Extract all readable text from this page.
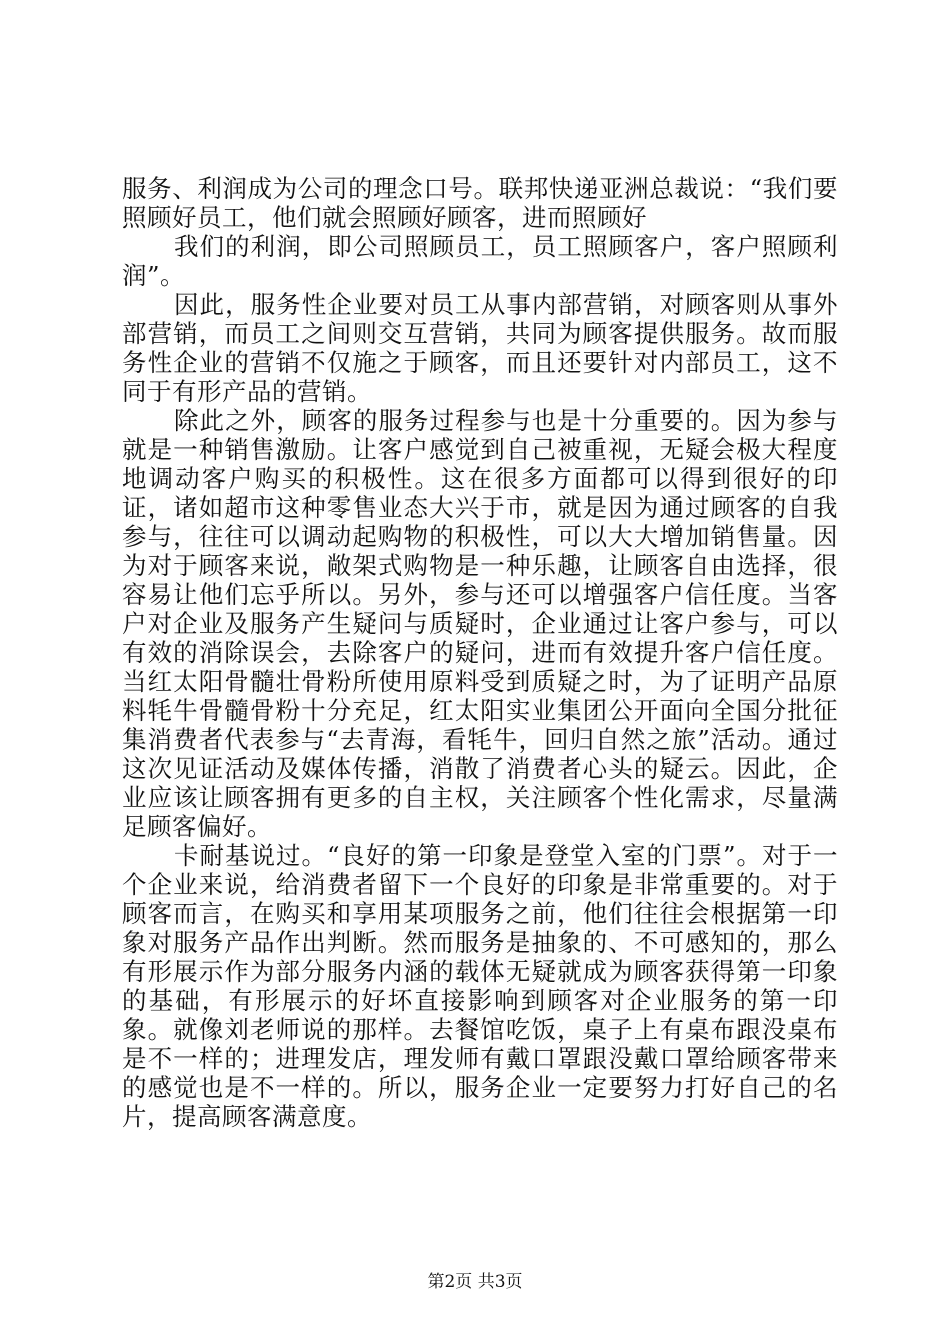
服务、利润成为公司的理念口号。联邦快递亚洲总裁说：“我们要照顾好员工，他们就会照顾好顾客，进而照顾好

我们的利润，即公司照顾员工，员工照顾客户，客户照顾利润”。

因此，服务性企业要对员工从事内部营销，对顾客则从事外部营销，而员工之间则交互营销，共同为顾客提供服务。故而服务性企业的营销不仅施之于顾客，而且还要针对内部员工，这不同于有形产品的营销。

除此之外，顾客的服务过程参与也是十分重要的。因为参与就是一种销售激励。让客户感觉到自己被重视，无疑会极大程度地调动客户购买的积极性。这在很多方面都可以得到很好的印证，诸如超市这种零售业态大兴于市，就是因为通过顾客的自我参与，往往可以调动起购物的积极性，可以大大增加销售量。因为对于顾客来说，敞架式购物是一种乐趣，让顾客自由选择，很容易让他们忘乎所以。另外，参与还可以增强客户信任度。当客户对企业及服务产生疑问与质疑时，企业通过让客户参与，可以有效的消除误会，去除客户的疑问，进而有效提升客户信任度。当红太阳骨髓壮骨粉所使用原料受到质疑之时，为了证明产品原料牦牛骨髓骨粉十分充足，红太阳实业集团公开面向全国分批征集消费者代表参与“去青海，看牦牛，回归自然之旅”活动。通过这次见证活动及媒体传播，消散了消费者心头的疑云。因此，企业应该让顾客拥有更多的自主权，关注顾客个性化需求，尽量满足顾客偏好。

卡耐基说过。“良好的第一印象是登堂入室的门票”。对于一个企业来说，给消费者留下一个良好的印象是非常重要的。对于顾客而言，在购买和享用某项服务之前，他们往往会根据第一印象对服务产品作出判断。然而服务是抽象的、不可感知的，那么有形展示作为部分服务内涵的载体无疑就成为顾客获得第一印象的基础，有形展示的好坏直接影响到顾客对企业服务的第一印象。就像刘老师说的那样。去餐馆吃饭，桌子上有桌布跟没桌布是不一样的；进理发店，理发师有戴口罩跟没戴口罩给顾客带来的感觉也是不一样的。所以，服务企业一定要努力打好自己的名片，提高顾客满意度。

第2页 共3页
